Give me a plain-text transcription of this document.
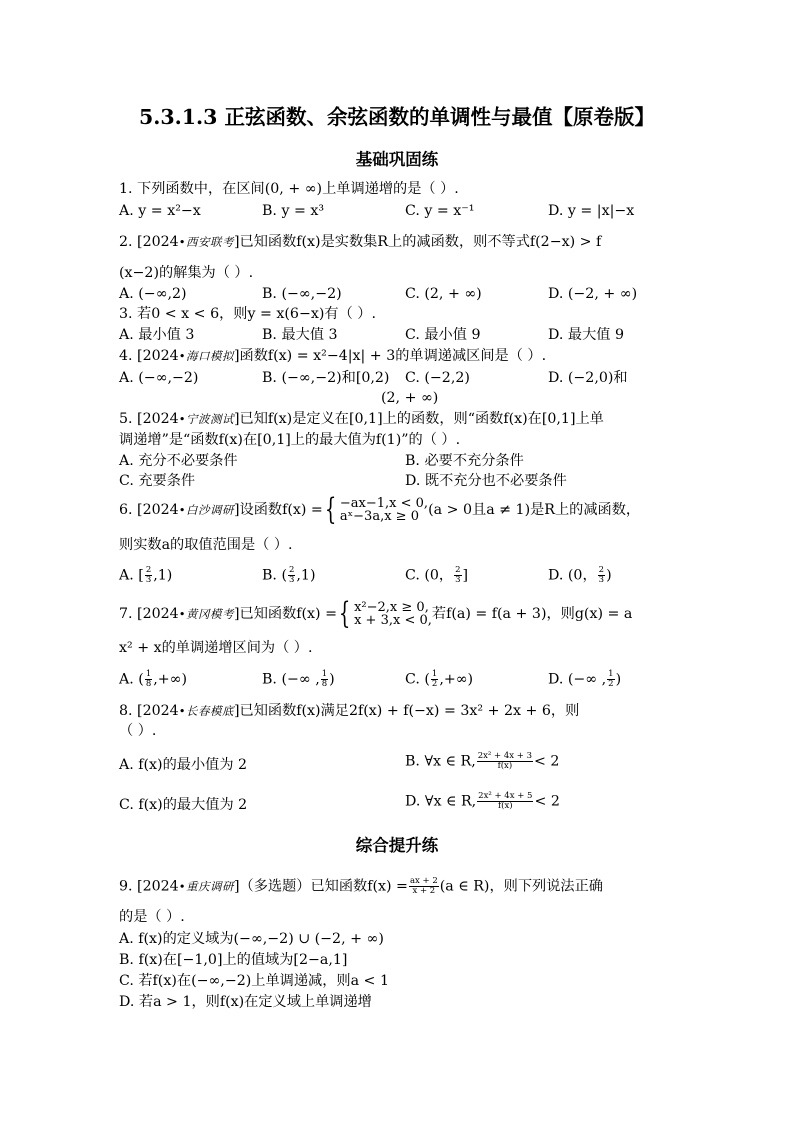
5.3.1.3 正弦函数、余弦函数的单调性与最值【原卷版】
基础巩固练
1. 下列函数中，在区间(0, + ∞)上单调递增的是（ ）.
A. y = x²−x	B. y = x³	C. y = x⁻¹	D. y = |x|−x
2. [2024•西安联考]已知函数f(x)是实数集R上的减函数，则不等式f(2−x) > f
(x−2)的解集为（ ）.
A. (−∞,2)	B. (−∞,−2)	C. (2, + ∞)	D. (−2, + ∞)
3. 若0 < x < 6，则y = x(6−x)有（ ）.
A. 最小值 3	B. 最大值 3	C. 最小值 9	D. 最大值 9
4. [2024•海口模拟]函数f(x) = x²−4|x| + 3的单调递减区间是（ ）.
A. (−∞,−2)	B. (−∞,−2)和[0,2) C. (−2,2)	D. (−2,0)和
(2, + ∞)
5. [2024•宁波测试]已知f(x)是定义在[0,1]上的函数，则“函数f(x)在[0,1]上单
调递增”是“函数f(x)在[0,1]上的最大值为f(1)”的（ ）.
A. 充分不必要条件	B. 必要不充分条件
C. 充要条件	D. 既不充分也不必要条件
6. [2024•白沙调研]设函数f(x) ={ −ax−1,x < 0,
aˣ−3a,x ≥ 0 (a > 0且a ≠ 1)是R上的减函数，
则实数a的取值范围是（ ）.
A. [ $\frac{2}{3} ,1$)	B. ( $\frac{2}{3} ,1$)	C. (0， $\frac{2}{3}$ ]	D. (0， $\frac{2}{3}$ )
7. [2024•黄冈模考]已知函数f(x) ={ x²−2,x ≥ 0,
x + 3,x < 0, 若f(a) = f(a + 3)，则g(x) = a
x² + x的单调递增区间为（ ）.
A. ( $\frac{1}{8}$ ,+∞)	B. (−∞ , $\frac{1}{8}$ )	C. ( $\frac{1}{2}$ ,+∞)	D. (−∞ , $\frac{1}{2}$ )
8. [2024•长春模底]已知函数f(x)满足2f(x) + f(−x) = 3x² + 2x + 6，则
（ ）.
A. f(x)的最小值为 2	B. ∀x ∈ R, $\frac{\text{2x² + 4x + 3}}{f(x)} < 2$
C. f(x)的最大值为 2	D. ∀x ∈ R, $\frac{\text{2x² + 4x + 5}}{f(x)} < 2$
综合提升练
9. [2024•重庆调研]（多选题）已知函数$f(x) = \frac{ax + 2}{x + 2} (a$ ∈ R)，则下列说法正确
的是（ ）.
A. f(x)的定义域为(−∞,−2) ∪ (−2, + ∞)
B. f(x)在[−1,0]上的值域为[2−a,1]
C. 若f(x)在(−∞,−2)上单调递减，则a < 1
D. 若a > 1，则f(x)在定义域上单调递增
